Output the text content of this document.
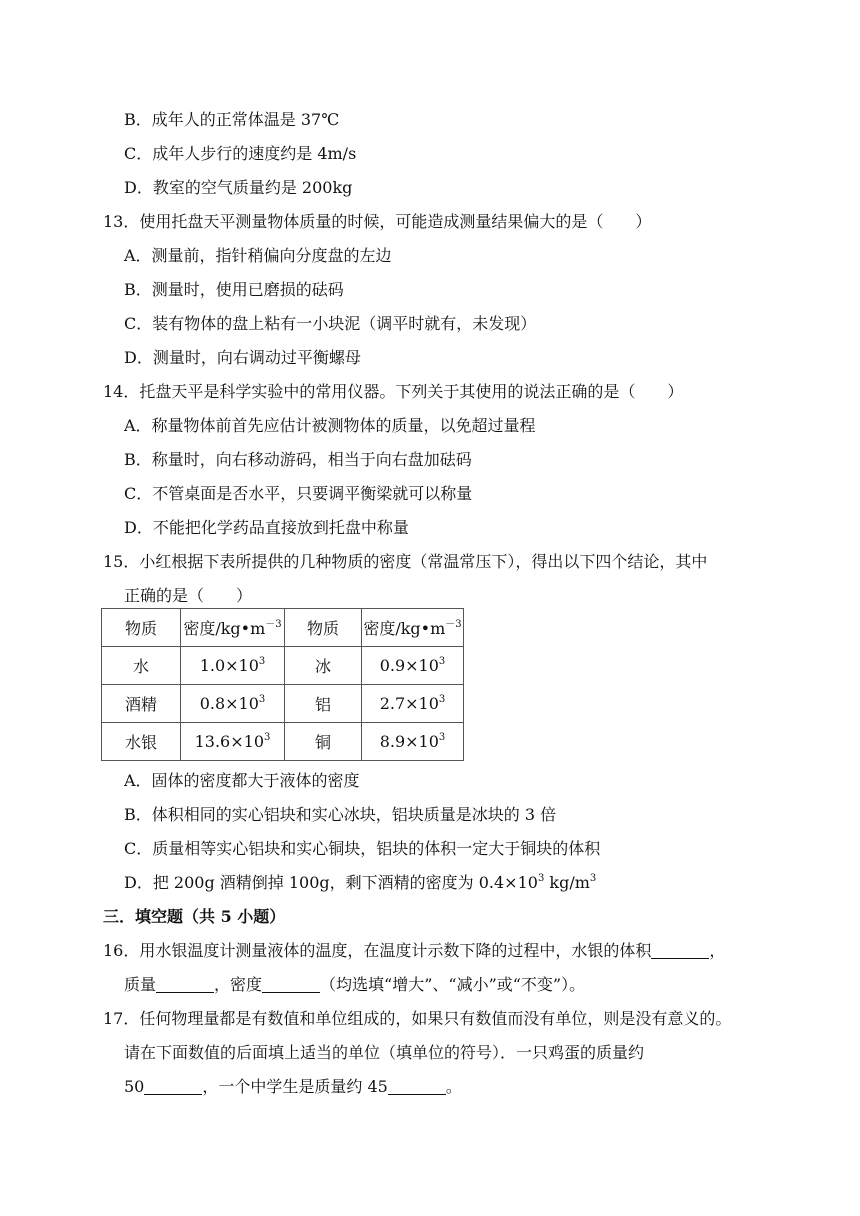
B．成年人的正常体温是 37℃
C．成年人步行的速度约是 4m/s
D．教室的空气质量约是 200kg
13．使用托盘天平测量物体质量的时候，可能造成测量结果偏大的是（　　）
A．测量前，指针稍偏向分度盘的左边
B．测量时，使用已磨损的砝码
C．装有物体的盘上粘有一小块泥（调平时就有，未发现）
D．测量时，向右调动过平衡螺母
14．托盘天平是科学实验中的常用仪器。下列关于其使用的说法正确的是（　　）
A．称量物体前首先应估计被测物体的质量，以免超过量程
B．称量时，向右移动游码，相当于向右盘加砝码
C．不管桌面是否水平，只要调平衡梁就可以称量
D．不能把化学药品直接放到托盘中称量
15．小红根据下表所提供的几种物质的密度（常温常压下），得出以下四个结论，其中
正确的是（　　）
物质	密度$/kg•m^{-3}$	物质	密度$/kg•m^{-3}$
水	$1.0\times 10^3$	冰	$0.9\times 10^3$
酒精	$0.8\times 10^3$	铝	$2.7\times 10^3$
水银	$13.6\times 10^3$	铜	$8.9\times 10^3$
A．固体的密度都大于液体的密度
B．体积相同的实心铝块和实心冰块，铝块质量是冰块的 3 倍
C．质量相等实心铝块和实心铜块，铝块的体积一定大于铜块的体积
D．把 200g 酒精倒掉 100g，剩下酒精的密度为 $0.4\times 10^3$ $kg/m^3$
三．填空题（共 5 小题）
16．用水银温度计测量液体的温度，在温度计示数下降的过程中，水银的体积	，
质量	，密度	（均选填“增大”、“减小”或“不变”）。
17．任何物理量都是有数值和单位组成的，如果只有数值而没有单位，则是没有意义的。
请在下面数值的后面填上适当的单位（填单位的符号）．一只鸡蛋的质量约
50	，一个中学生是质量约 45	。
